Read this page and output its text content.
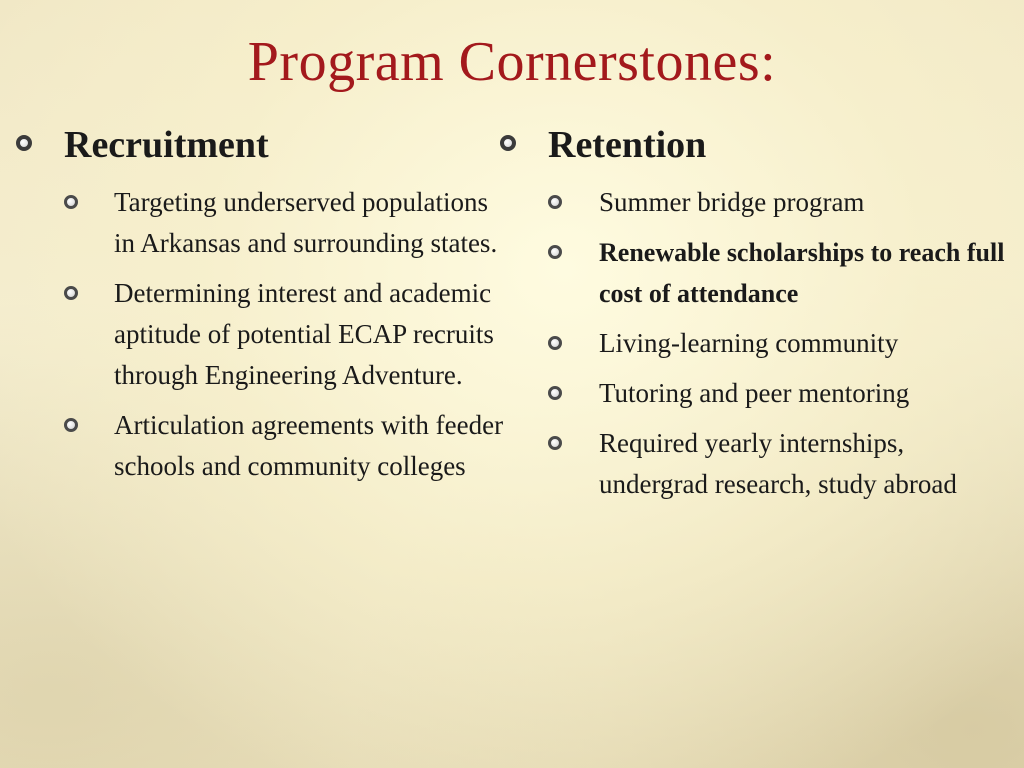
Program Cornerstones:
Recruitment
Targeting underserved populations in Arkansas and surrounding states.
Determining interest and academic aptitude of potential ECAP recruits through Engineering Adventure.
Articulation agreements with feeder schools and community colleges
Retention
Summer bridge program
Renewable scholarships to reach full cost of attendance
Living-learning community
Tutoring and peer mentoring
Required yearly internships, undergrad research, study abroad
